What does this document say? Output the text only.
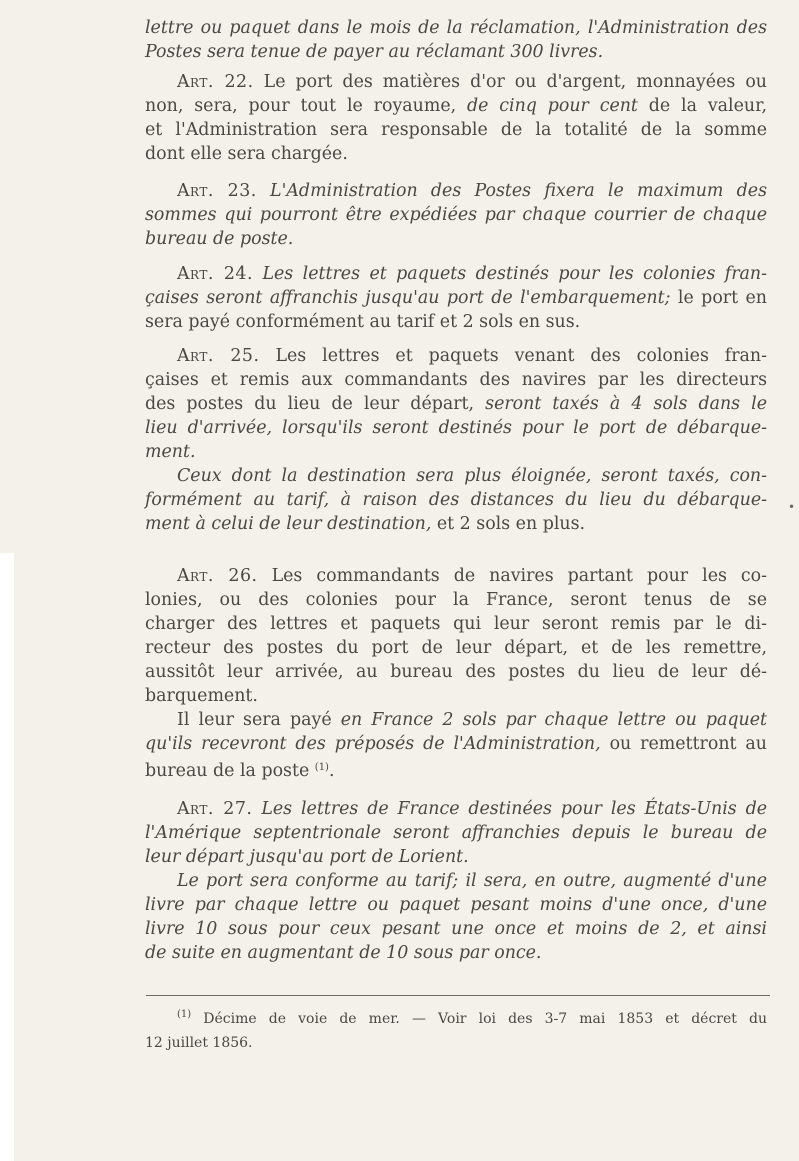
lettre ou paquet dans le mois de la réclamation, l'Administration des
Postes sera tenue de payer au réclamant 300 livres.
Art. 22. Le port des matières d'or ou d'argent, monnayées ou
non, sera, pour tout le royaume, de cinq pour cent de la valeur,
et l'Administration sera responsable de la totalité de la somme
dont elle sera chargée.
Art. 23. L'Administration des Postes fixera le maximum des
sommes qui pourront être expédiées par chaque courrier de chaque
bureau de poste.
Art. 24. Les lettres et paquets destinés pour les colonies fran-
çaises seront affranchis jusqu'au port de l'embarquement; le port en
sera payé conformément au tarif et 2 sols en sus.
Art. 25. Les lettres et paquets venant des colonies fran-
çaises et remis aux commandants des navires par les directeurs
des postes du lieu de leur départ, seront taxés à 4 sols dans le
lieu d'arrivée, lorsqu'ils seront destinés pour le port de débarque-
ment.
Ceux dont la destination sera plus éloignée, seront taxés, con-
formément au tarif, à raison des distances du lieu du débarque-
ment à celui de leur destination, et 2 sols en plus.
•
Art. 26. Les commandants de navires partant pour les co-
lonies, ou des colonies pour la France, seront tenus de se
charger des lettres et paquets qui leur seront remis par le di-
recteur des postes du port de leur départ, et de les remettre,
aussitôt leur arrivée, au bureau des postes du lieu de leur dé-
barquement.
Il leur sera payé en France 2 sols par chaque lettre ou paquet
qu'ils recevront des préposés de l'Administration, ou remettront au
bureau de la poste $^{(1)}$.
Art. 27. Les lettres de France destinées pour les États-Unis de
l'Amérique septentrionale seront affranchies depuis le bureau de
leur départ jusqu'au port de Lorient.
Le port sera conforme au tarif; il sera, en outre, augmenté d'une
livre par chaque lettre ou paquet pesant moins d'une once, d'une
livre 10 sous pour ceux pesant une once et moins de 2, et ainsi
de suite en augmentant de 10 sous par once.
$^{(1)}$ Décime de voie de mer. — Voir loi des 3-7 mai 1853 et décret du
12 juillet 1856.
